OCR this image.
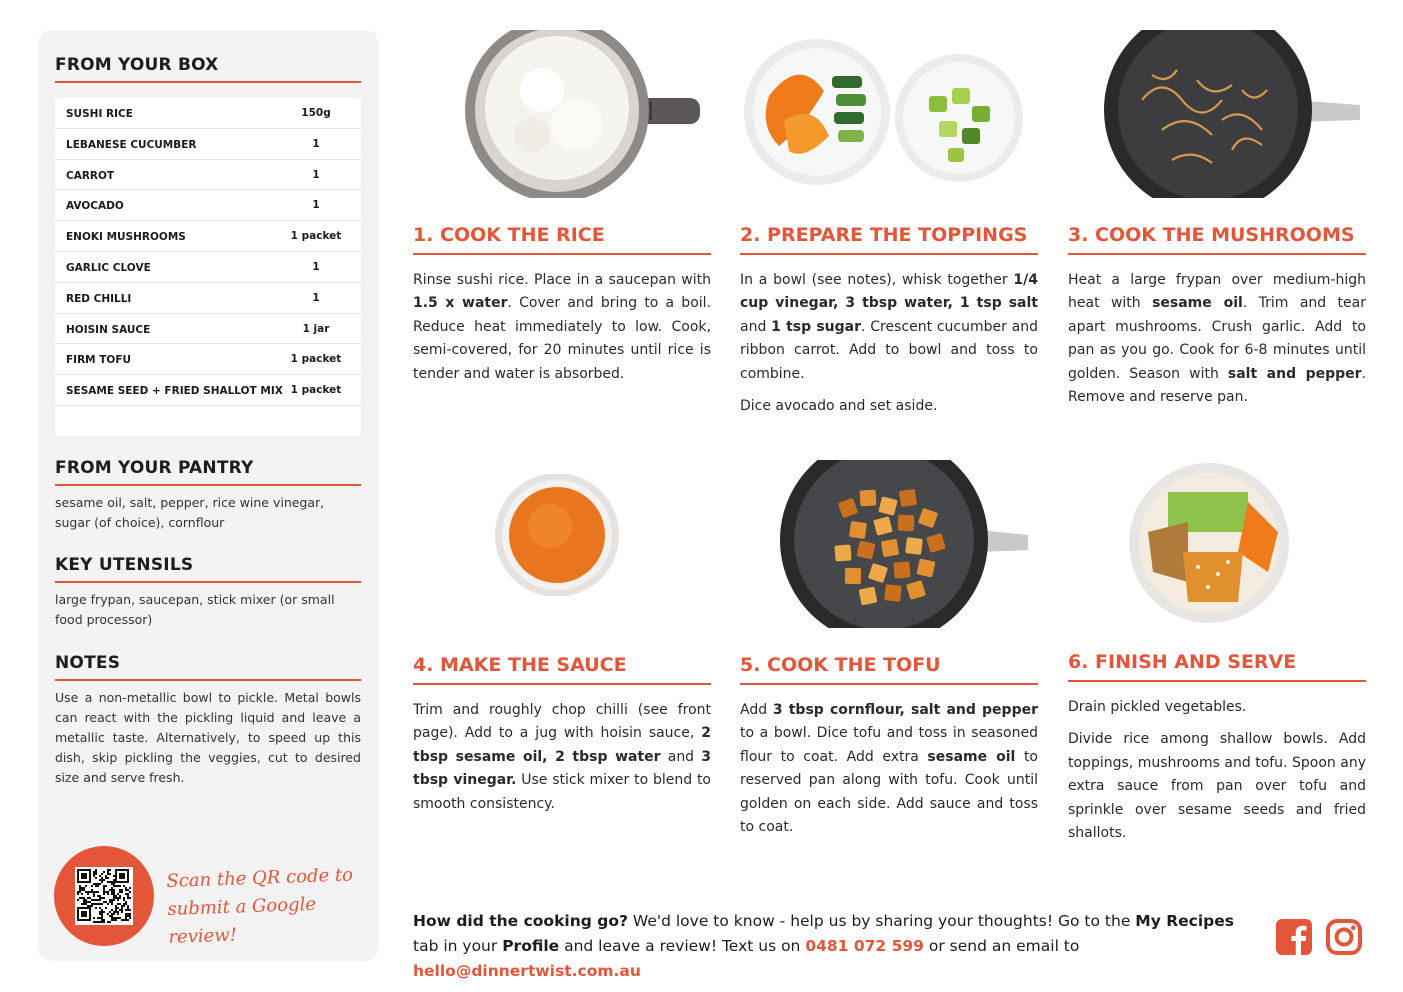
FROM YOUR BOX
SUSHI RICE	150g
LEBANESE CUCUMBER	1
CARROT	1
AVOCADO	1
ENOKI MUSHROOMS	1 packet
GARLIC CLOVE	1
RED CHILLI	1
HOISIN SAUCE	1 jar
FIRM TOFU	1 packet
SESAME SEED + FRIED SHALLOT MIX 1 packet
FROM YOUR PANTRY
sesame oil, salt, pepper, rice wine vinegar, sugar (of choice), cornflour
KEY UTENSILS
large frypan, saucepan, stick mixer (or small food processor)
NOTES
Use a non-metallic bowl to pickle. Metal bowls can react with the pickling liquid and leave a metallic taste. Alternatively, to speed up this dish, skip pickling the veggies, cut to desired size and serve fresh.
Scan the QR code to
submit a Google review!
1. COOK THE RICE

Rinse sushi rice. Place in a saucepan with 1.5 x water. Cover and bring to a boil. Reduce heat immediately to low. Cook, semi-covered, for 20 minutes until rice is tender and water is absorbed.

2. PREPARE THE TOPPINGS

In a bowl (see notes), whisk together 1/4 cup vinegar, 3 tbsp water, 1 tsp salt and 1 tsp sugar. Crescent cucumber and ribbon carrot. Add to bowl and toss to combine.

Dice avocado and set aside.

3. COOK THE MUSHROOMS

Heat a large frypan over medium-high heat with sesame oil. Trim and tear apart mushrooms. Crush garlic. Add to pan as you go. Cook for 6-8 minutes until golden. Season with salt and pepper. Remove and reserve pan.

4. MAKE THE SAUCE

Trim and roughly chop chilli (see front page). Add to a jug with hoisin sauce, 2 tbsp sesame oil, 2 tbsp water and 3 tbsp vinegar. Use stick mixer to blend to smooth consistency.

5. COOK THE TOFU

Add 3 tbsp cornflour, salt and pepper to a bowl. Dice tofu and toss in seasoned flour to coat. Add extra sesame oil to reserved pan along with tofu. Cook until golden on each side. Add sauce and toss to coat.

6. FINISH AND SERVE

Drain pickled vegetables.

Divide rice among shallow bowls. Add toppings, mushrooms and tofu. Spoon any extra sauce from pan over tofu and sprinkle over sesame seeds and fried shallots.

How did the cooking go? We'd love to know - help us by sharing your thoughts! Go to the My Recipes tab in your Profile and leave a review! Text us on 0481 072 599 or send an email to hello@dinnertwist.com.au
